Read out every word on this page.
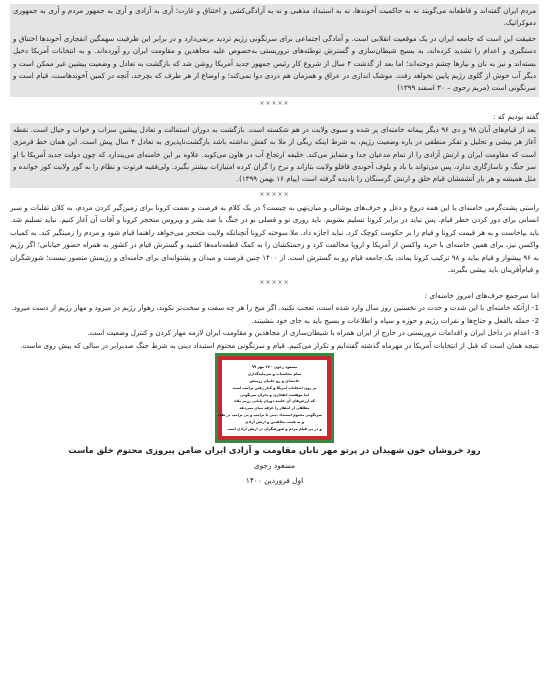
مردم ایران گفته‌اند و قاطعانه می‌گویند نه به حاکمیت آخوندها، نه به استبداد مذهبی و نه به آزادگی‌کشی و اختناق و غارت؛ آری به آزادی و آری به جمهور مردم و آری به جمهوری دموکراتیک.

حقیقت این است که جامعه ایران در یک موقعیت انقلابی است. و آمادگی اجتماعی برای سرنگونی رژیم تردید برنمی‌دارد و در برابر این ظرفیت سهمگین انفجاری آخوندها اختناق و دستگیری و اعدام را تشدید کرده‌اند، به بسیج شیطان‌سازی و گسترش توطئه‌های تروریستی به‌خصوص علیه مجاهدین و مقاومت ایران رو آورده‌اند. و به انتخابات آمریکا دخیل بسته‌اند و نیز به نان و نیازها چشم دوخته‌اند؛ اما بعد از گذشت ۴ سال از شروع کار رئیس جمهور جدید آمریکا روشن شد که بازگشت به تعادل و وضعیت پیشین غیر ممکن است و دیگر آب خوش از گلوی رژیم پایین نخواهد رفت. موشک اندازی در عراق و همزمان هم دردی دوا نمی‌کند؛ و اوضاع از هر طرف که بچرخد، آنچه در کمین آخوندهاست، قیام است و سرنگونی است (مریم رجوی – ۳۰ اسفند ۱۳۹۹)

×××××

گفته بودیم که :

بعد از قیام‌های آبان ۹۸ و دی ۹۶ دیگر پیمانه خامنه‌ای پر شده و سبوی ولایت در هم شکسته است. بازگشت به دوران استمالت و تعادل پیشین سراب و خواب و خیال است. نقطه آغاز هر بیشی و تحلیل و تفکر منطقی در باره وضعیت رژیم، به شرط اینکه ریگی از ملا به کفش نداشته باشد بازگشت‌ناپذیری به تعادل ۴ سال پیش است. این همان خط قرمزی است که مقاومت ایران و ارتش آزادی را از تمام مدعیان جدا و متمایز می‌کند. خلیفه ارتجاع آب در هاون می‌کوبد. علاوه بر این خامنه‌ای می‌پندارد که چون دولت جدید آمریکا با او سر جنگ و ناسازگاری ندارد، پس می‌تواند با باد و بلوف آخوندی قافلو ولایت بتازاند و نرخ را گران کرده امتیازات بیشتر بگیرد. ولی‌فقیه فرتوت و نظام را به گور ولایت کور خوانده و مثل همیشه و هر بار آتشفشان قیام خلق و ارتش گرسنگان را نادیده گرفته است (پیام ۱۶ بهمن ۱۳۹۹).

×××××

راستی پشت‌گرمی خامنه‌ای با این همه دروغ و دغل و حرف‌های پوشالی و میان‌تهی به چیست؟ در یک کلام به فرصت و نعمت کرونا برای زمین‌گیر کردن مردم، به کلان تقلبات و سبر انسانی برای دور کردن خطر قیام. پس نباید در برابر کرونا تسلیم بشویم. باید روزی نو و فصلی نو در جنگ با ضد بشر و ویروس متحجر کرونا و آفات آن آغاز کنیم. نباید تسلیم شد. باید بپاخاست و به هر قیمت کرونا و قیام را بر حکومت کوچک کرد. نباید اجازه داد. ملا سوخته کرونا آنچنانکه ولایت متحجر می‌خواهد راهنما قیام شود و مردم را زمینگیر کند. به کمیاب واکسن نیز، برای همین خامنه‌ای با خرید واکسن از آمریکا و اروپا مخالفت کرد و زحمتکشان را به کمک قطعه‌نامه‌ها کشید و گسترش قیام در کشور به همراه حضور خیابانی؛ اگر رژیم به ۹۶ پیشواز و قیام بیاید و ۹۸ ترکیب کرونا بماند، یک جامعه قیام رو به گسترش است. از ۱۴۰۰ چنین فرصت و میدان و پشتوانه‌ای برای خامنه‌ای و رژیمش متصور نیست؛ شورشگران و قیام‌آفرینان باید پیشی بگیرند.

×××××

اما سرجمع حرف‌های امروز خامنه‌ای :

1- ازآنکه خامنه‌ای با این شدت و حدت در نخستین روز سال وارد شده است، تعجب نکنید. اگر میخ را هر چه سفت و سخت‌تر نکوبد، زهوار رژیم در میرود و مهار رژیم از دست میرود.

2- حمله بالفعل و جناح‌ها و نفرات رژیم و حوزه و سپاه و اطلاعات و بسیج باید به جای خود بنشینند.

3- اعدام در داخل ایران و اقدامات تروریستی در خارج از ایران همراه با شیطان‌سازی از مجاهدین و مقاومت ایران لازمه مهار کردن و کنترل وضعیت است.

نتیجه همان است که قبل از انتخابات آمریکا در مهرماه گذشته گفته‌ایم و تکرار می‌کنیم. قیام و سرنگونی محتوم استبداد دینی به شرط جنگ صدبرابر در سالی که پیش روی ماست.

مسعود رجوی - ۲۷ مهر ۹۹
تمام محاسبات و سرمایه‌گذاری
خامنه‌ای و رو حانیان رژیمش
بر روی انتخابات آمریکا و کنار رفتن ترامپ است
اما موقعیت انفجاری و بحران سرنگونی
که ارزش‌های آن خامنه دوران پایانی رژیم ملاه
مطلقی از انتظار را غرقه تبیان نمی‌دهد
سرنگونی محتوم استبداد دینی با ترامپ و بی ترامپ در تقدیر
و به همت مجاهدین و ارتش آزادی
و در پی قیام مردم و شورشگران در ارتش آزادی است
رود خروشان خون شهیدان در پرتو مهر تابان مقاومت و آزادی ایران ضامن پیروزی محتوم خلق ماست
مسعود رجوی
اول فروردین ۱۴۰۰
